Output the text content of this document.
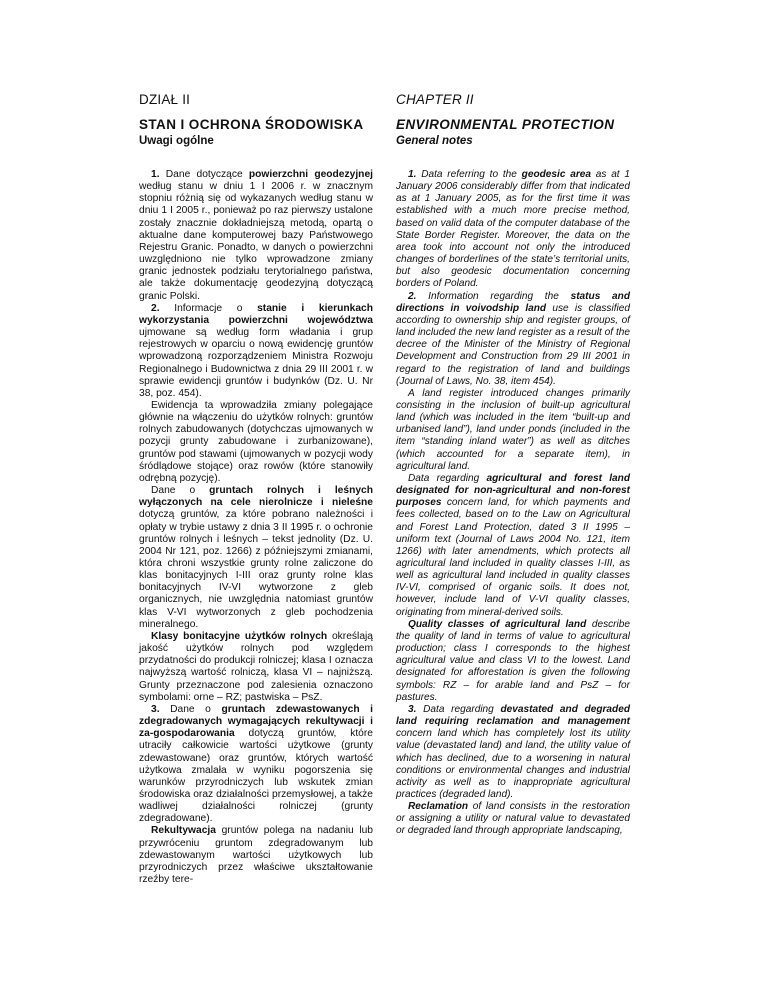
DZIAŁ II
STAN I OCHRONA ŚRODOWISKA
Uwagi ogólne

1. Dane dotyczące powierzchni geodezyjnej według stanu w dniu 1 I 2006 r. w znacznym stopniu różnią się od wykazanych według stanu w dniu 1 I 2005 r., ponieważ po raz pierwszy ustalone zostały znacznie dokładniejszą metodą, opartą o aktualne dane komputerowej bazy Państwowego Rejestru Granic. Ponadto, w danych o powierzchni uwzględniono nie tylko wprowadzone zmiany granic jednostek podziału terytorialnego państwa, ale także dokumentację geodezyjną dotyczącą granic Polski.

2. Informacje o stanie i kierunkach wykorzystania powierzchni województwa ujmowane są według form władania i grup rejestrowych w oparciu o nową ewidencję gruntów wprowadzoną rozporządzeniem Ministra Rozwoju Regionalnego i Budownictwa z dnia 29 III 2001 r. w sprawie ewidencji gruntów i budynków (Dz. U. Nr 38, poz. 454).

Ewidencja ta wprowadziła zmiany polegające głównie na włączeniu do użytków rolnych: gruntów rolnych zabudowanych (dotychczas ujmowanych w pozycji grunty zabudowane i zurbanizowane), gruntów pod stawami (ujmowanych w pozycji wody śródlądowe stojące) oraz rowów (które stanowiły odrębną pozycję).

Dane o gruntach rolnych i leśnych wyłączonych na cele nierolnicze i nieleśne dotyczą gruntów, za które pobrano należności i opłaty w trybie ustawy z dnia 3 II 1995 r. o ochronie gruntów rolnych i leśnych – tekst jednolity (Dz. U. 2004 Nr 121, poz. 1266) z późniejszymi zmianami, która chroni wszystkie grunty rolne zaliczone do klas bonitacyjnych I-III oraz grunty rolne klas bonitacyjnych IV-VI wytworzone z gleb organicznych, nie uwzględnia natomiast gruntów klas V-VI wytworzonych z gleb pochodzenia mineralnego.

Klasy bonitacyjne użytków rolnych określają jakość użytków rolnych pod względem przydatności do produkcji rolniczej; klasa I oznacza najwyższą wartość rolniczą, klasa VI – najniższą. Grunty przeznaczone pod zalesienia oznaczono symbolami: orne – RZ; pastwiska – PsZ.

3. Dane o gruntach zdewastowanych i zdegradowanych wymagających rekultywacji i za-gospodarowania dotyczą gruntów, które utraciły całkowicie wartości użytkowe (grunty zdewastowane) oraz gruntów, których wartość użytkowa zmalała w wyniku pogorszenia się warunków przyrodniczych lub wskutek zmian środowiska oraz działalności przemysłowej, a także wadliwej działalności rolniczej (grunty zdegradowane).

Rekultywacja gruntów polega na nadaniu lub przywróceniu gruntom zdegradowanym lub zdewastowanym wartości użytkowych lub przyrodniczych przez właściwe ukształtowanie rzeźby tere-

CHAPTER II
ENVIRONMENTAL PROTECTION
General notes

1. Data referring to the geodesic area as at 1 January 2006 considerably differ from that indicated as at 1 January 2005, as for the first time it was established with a much more precise method, based on valid data of the computer database of the State Border Register. Moreover, the data on the area took into account not only the introduced changes of borderlines of the state’s territorial units, but also geodesic documentation concerning borders of Poland.

2. Information regarding the status and directions in voivodship land use is classified according to ownership ship and register groups, of land included the new land register as a result of the decree of the Minister of the Ministry of Regional Development and Construction from 29 III 2001 in regard to the registration of land and buildings (Journal of Laws, No. 38, item 454).

A land register introduced changes primarily consisting in the inclusion of built-up agricultural land (which was included in the item “built-up and urbanised land”), land under ponds (included in the item “standing inland water”) as well as ditches (which accounted for a separate item), in agricultural land.

Data regarding agricultural and forest land designated for non-agricultural and non-forest purposes concern land, for which payments and fees collected, based on to the Law on Agricultural and Forest Land Protection, dated 3 II 1995 – uniform text (Journal of Laws 2004 No. 121, item 1266) with later amendments, which protects all agricultural land included in quality classes I-III, as well as agricultural land included in quality classes IV-VI, comprised of organic soils. It does not, however, include land of V-VI quality classes, originating from mineral-derived soils.

Quality classes of agricultural land describe the quality of land in terms of value to agricultural production; class I corresponds to the highest agricultural value and class VI to the lowest. Land designated for afforestation is given the following symbols: RZ – for arable land and PsZ – for pastures.

3. Data regarding devastated and degraded land requiring reclamation and management concern land which has completely lost its utility value (devastated land) and land, the utility value of which has declined, due to a worsening in natural conditions or environmental changes and industrial activity as well as to inappropriate agricultural practices (degraded land).

Reclamation of land consists in the restoration or assigning a utility or natural value to devastated or degraded land through appropriate landscaping,
